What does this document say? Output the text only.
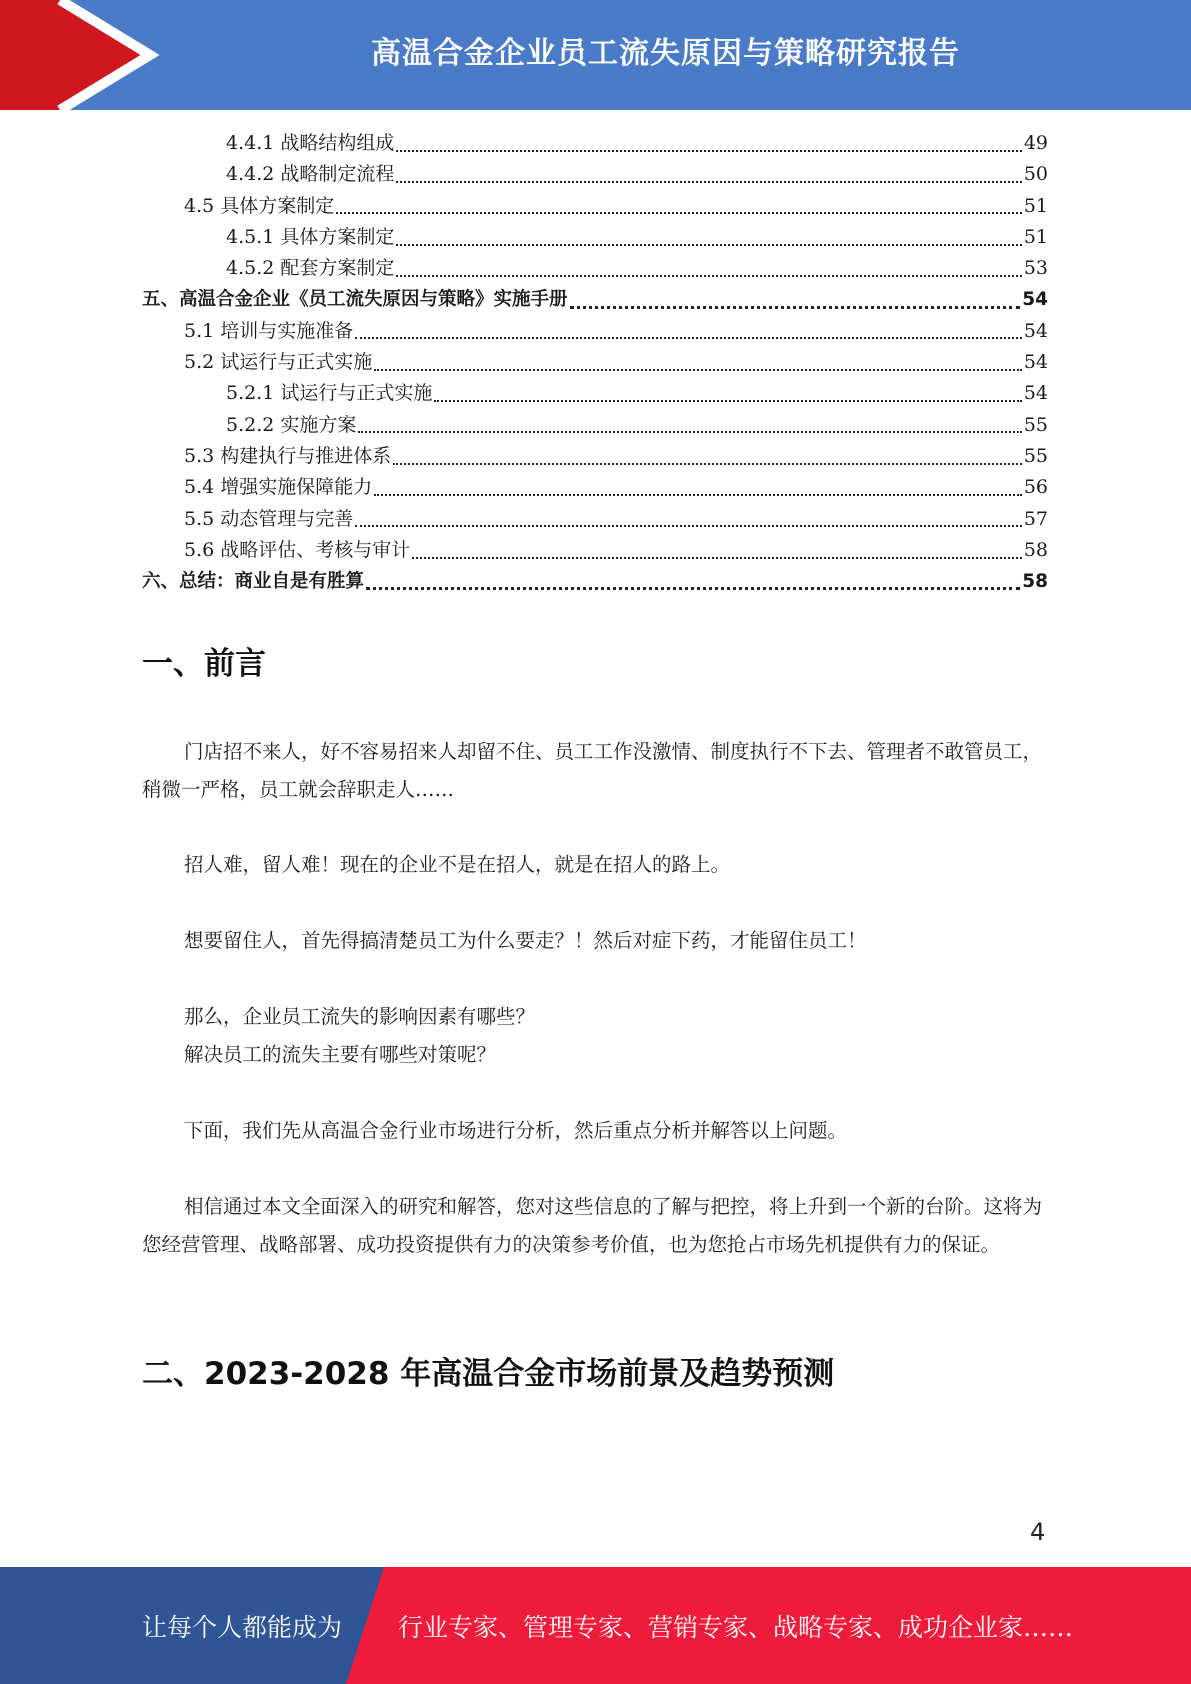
高温合金企业员工流失原因与策略研究报告
4.4.1 战略结构组成	49
4.4.2 战略制定流程	50
4.5 具体方案制定	51
4.5.1 具体方案制定	51
4.5.2 配套方案制定	53
五、高温合金企业《员工流失原因与策略》实施手册	54
5.1 培训与实施准备	54
5.2 试运行与正式实施	54
5.2.1 试运行与正式实施	54
5.2.2 实施方案	55
5.3 构建执行与推进体系	55
5.4 增强实施保障能力	56
5.5 动态管理与完善	57
5.6 战略评估、考核与审计	58
六、总结：商业自是有胜算	58
一、前言
门店招不来人，好不容易招来人却留不住、员工工作没激情、制度执行不下去、管理者不敢管员工，稍微一严格，员工就会辞职走人……
招人难，留人难！现在的企业不是在招人，就是在招人的路上。
想要留住人，首先得搞清楚员工为什么要走？！然后对症下药，才能留住员工！
那么，企业员工流失的影响因素有哪些？
解决员工的流失主要有哪些对策呢？
下面，我们先从高温合金行业市场进行分析，然后重点分析并解答以上问题。
相信通过本文全面深入的研究和解答，您对这些信息的了解与把控，将上升到一个新的台阶。这将为您经营管理、战略部署、成功投资提供有力的决策参考价值，也为您抢占市场先机提供有力的保证。
二、2023-2028 年高温合金市场前景及趋势预测
4
让每个人都能成为 行业专家、管理专家、营销专家、战略专家、成功企业家……
